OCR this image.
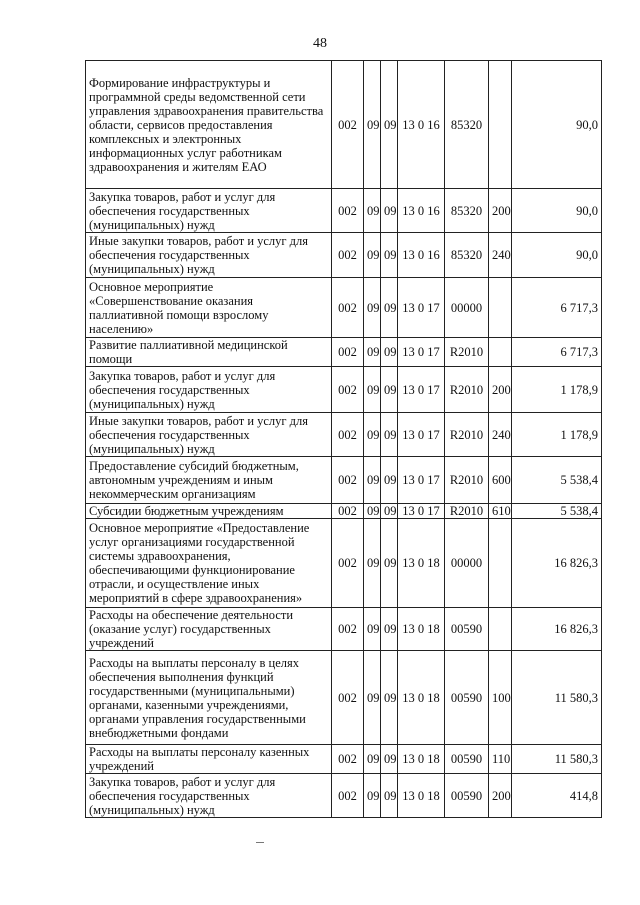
48
Формирование инфраструктуры и программной среды ведомственной сети управления здравоохранения правительства области, сервисов предоставления комплексных и электронных информационных услуг работникам здравоохранения и жителям ЕАО	002	09	09	13 0 16	85320		90,0
Закупка товаров, работ и услуг для обеспечения государственных (муниципальных) нужд	002	09	09	13 0 16	85320	200	90,0
Иные закупки товаров, работ и услуг для обеспечения государственных (муниципальных) нужд	002	09	09	13 0 16	85320	240	90,0
Основное мероприятие «Совершенствование оказания паллиативной помощи взрослому населению»	002	09	09	13 0 17	00000		6 717,3
Развитие паллиативной медицинской помощи	002	09	09	13 0 17	R2010		6 717,3
Закупка товаров, работ и услуг для обеспечения государственных (муниципальных) нужд	002	09	09	13 0 17	R2010	200	1 178,9
Иные закупки товаров, работ и услуг для обеспечения государственных (муниципальных) нужд	002	09	09	13 0 17	R2010	240	1 178,9
Предоставление субсидий бюджетным, автономным учреждениям и иным некоммерческим организациям	002	09	09	13 0 17	R2010	600	5 538,4
Субсидии бюджетным учреждениям	002	09	09	13 0 17	R2010	610	5 538,4
Основное мероприятие «Предоставление услуг организациями государственной системы здравоохранения, обеспечивающими функционирование отрасли, и осуществление иных мероприятий в сфере здравоохранения»	002	09	09	13 0 18	00000		16 826,3
Расходы на обеспечение деятельности (оказание услуг) государственных учреждений	002	09	09	13 0 18	00590		16 826,3
Расходы на выплаты персоналу в целях обеспечения выполнения функций государственными (муниципальными) органами, казенными учреждениями, органами управления государственными внебюджетными фондами	002	09	09	13 0 18	00590	100	11 580,3
Расходы на выплаты персоналу казенных учреждений	002	09	09	13 0 18	00590	110	11 580,3
Закупка товаров, работ и услуг для обеспечения государственных (муниципальных) нужд	002	09	09	13 0 18	00590	200	414,8
